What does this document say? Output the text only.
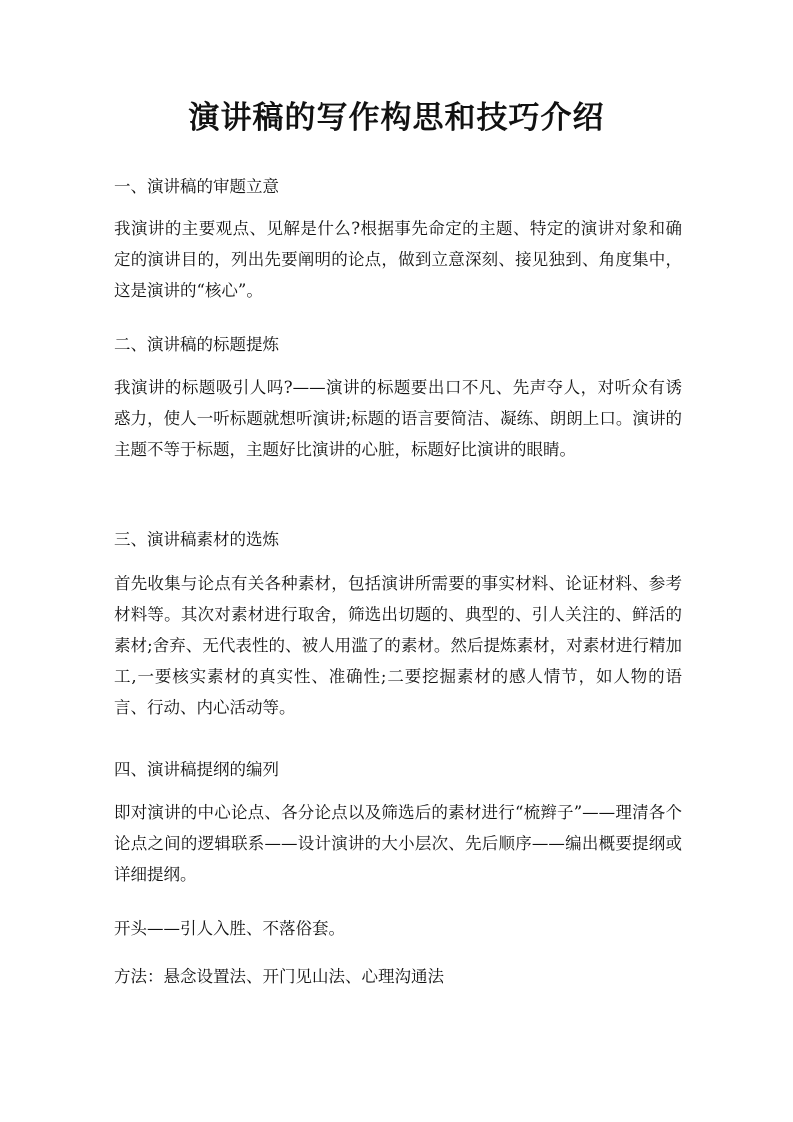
演讲稿的写作构思和技巧介绍

一、演讲稿的审题立意

我演讲的主要观点、见解是什么?根据事先命定的主题、特定的演讲对象和确定的演讲目的，列出先要阐明的论点，做到立意深刻、接见独到、角度集中，这是演讲的“核心”。

二、演讲稿的标题提炼

我演讲的标题吸引人吗?——演讲的标题要出口不凡、先声夺人，对听众有诱惑力，使人一听标题就想听演讲;标题的语言要简洁、凝练、朗朗上口。演讲的主题不等于标题，主题好比演讲的心脏，标题好比演讲的眼睛。

三、演讲稿素材的选炼

首先收集与论点有关各种素材，包括演讲所需要的事实材料、论证材料、参考材料等。其次对素材进行取舍，筛选出切题的、典型的、引人关注的、鲜活的素材;舍弃、无代表性的、被人用滥了的素材。然后提炼素材，对素材进行精加工,一要核实素材的真实性、准确性;二要挖掘素材的感人情节，如人物的语言、行动、内心活动等。

四、演讲稿提纲的编列

即对演讲的中心论点、各分论点以及筛选后的素材进行“梳辫子”——理清各个论点之间的逻辑联系——设计演讲的大小层次、先后顺序——编出概要提纲或详细提纲。

开头——引人入胜、不落俗套。

方法：悬念设置法、开门见山法、心理沟通法
